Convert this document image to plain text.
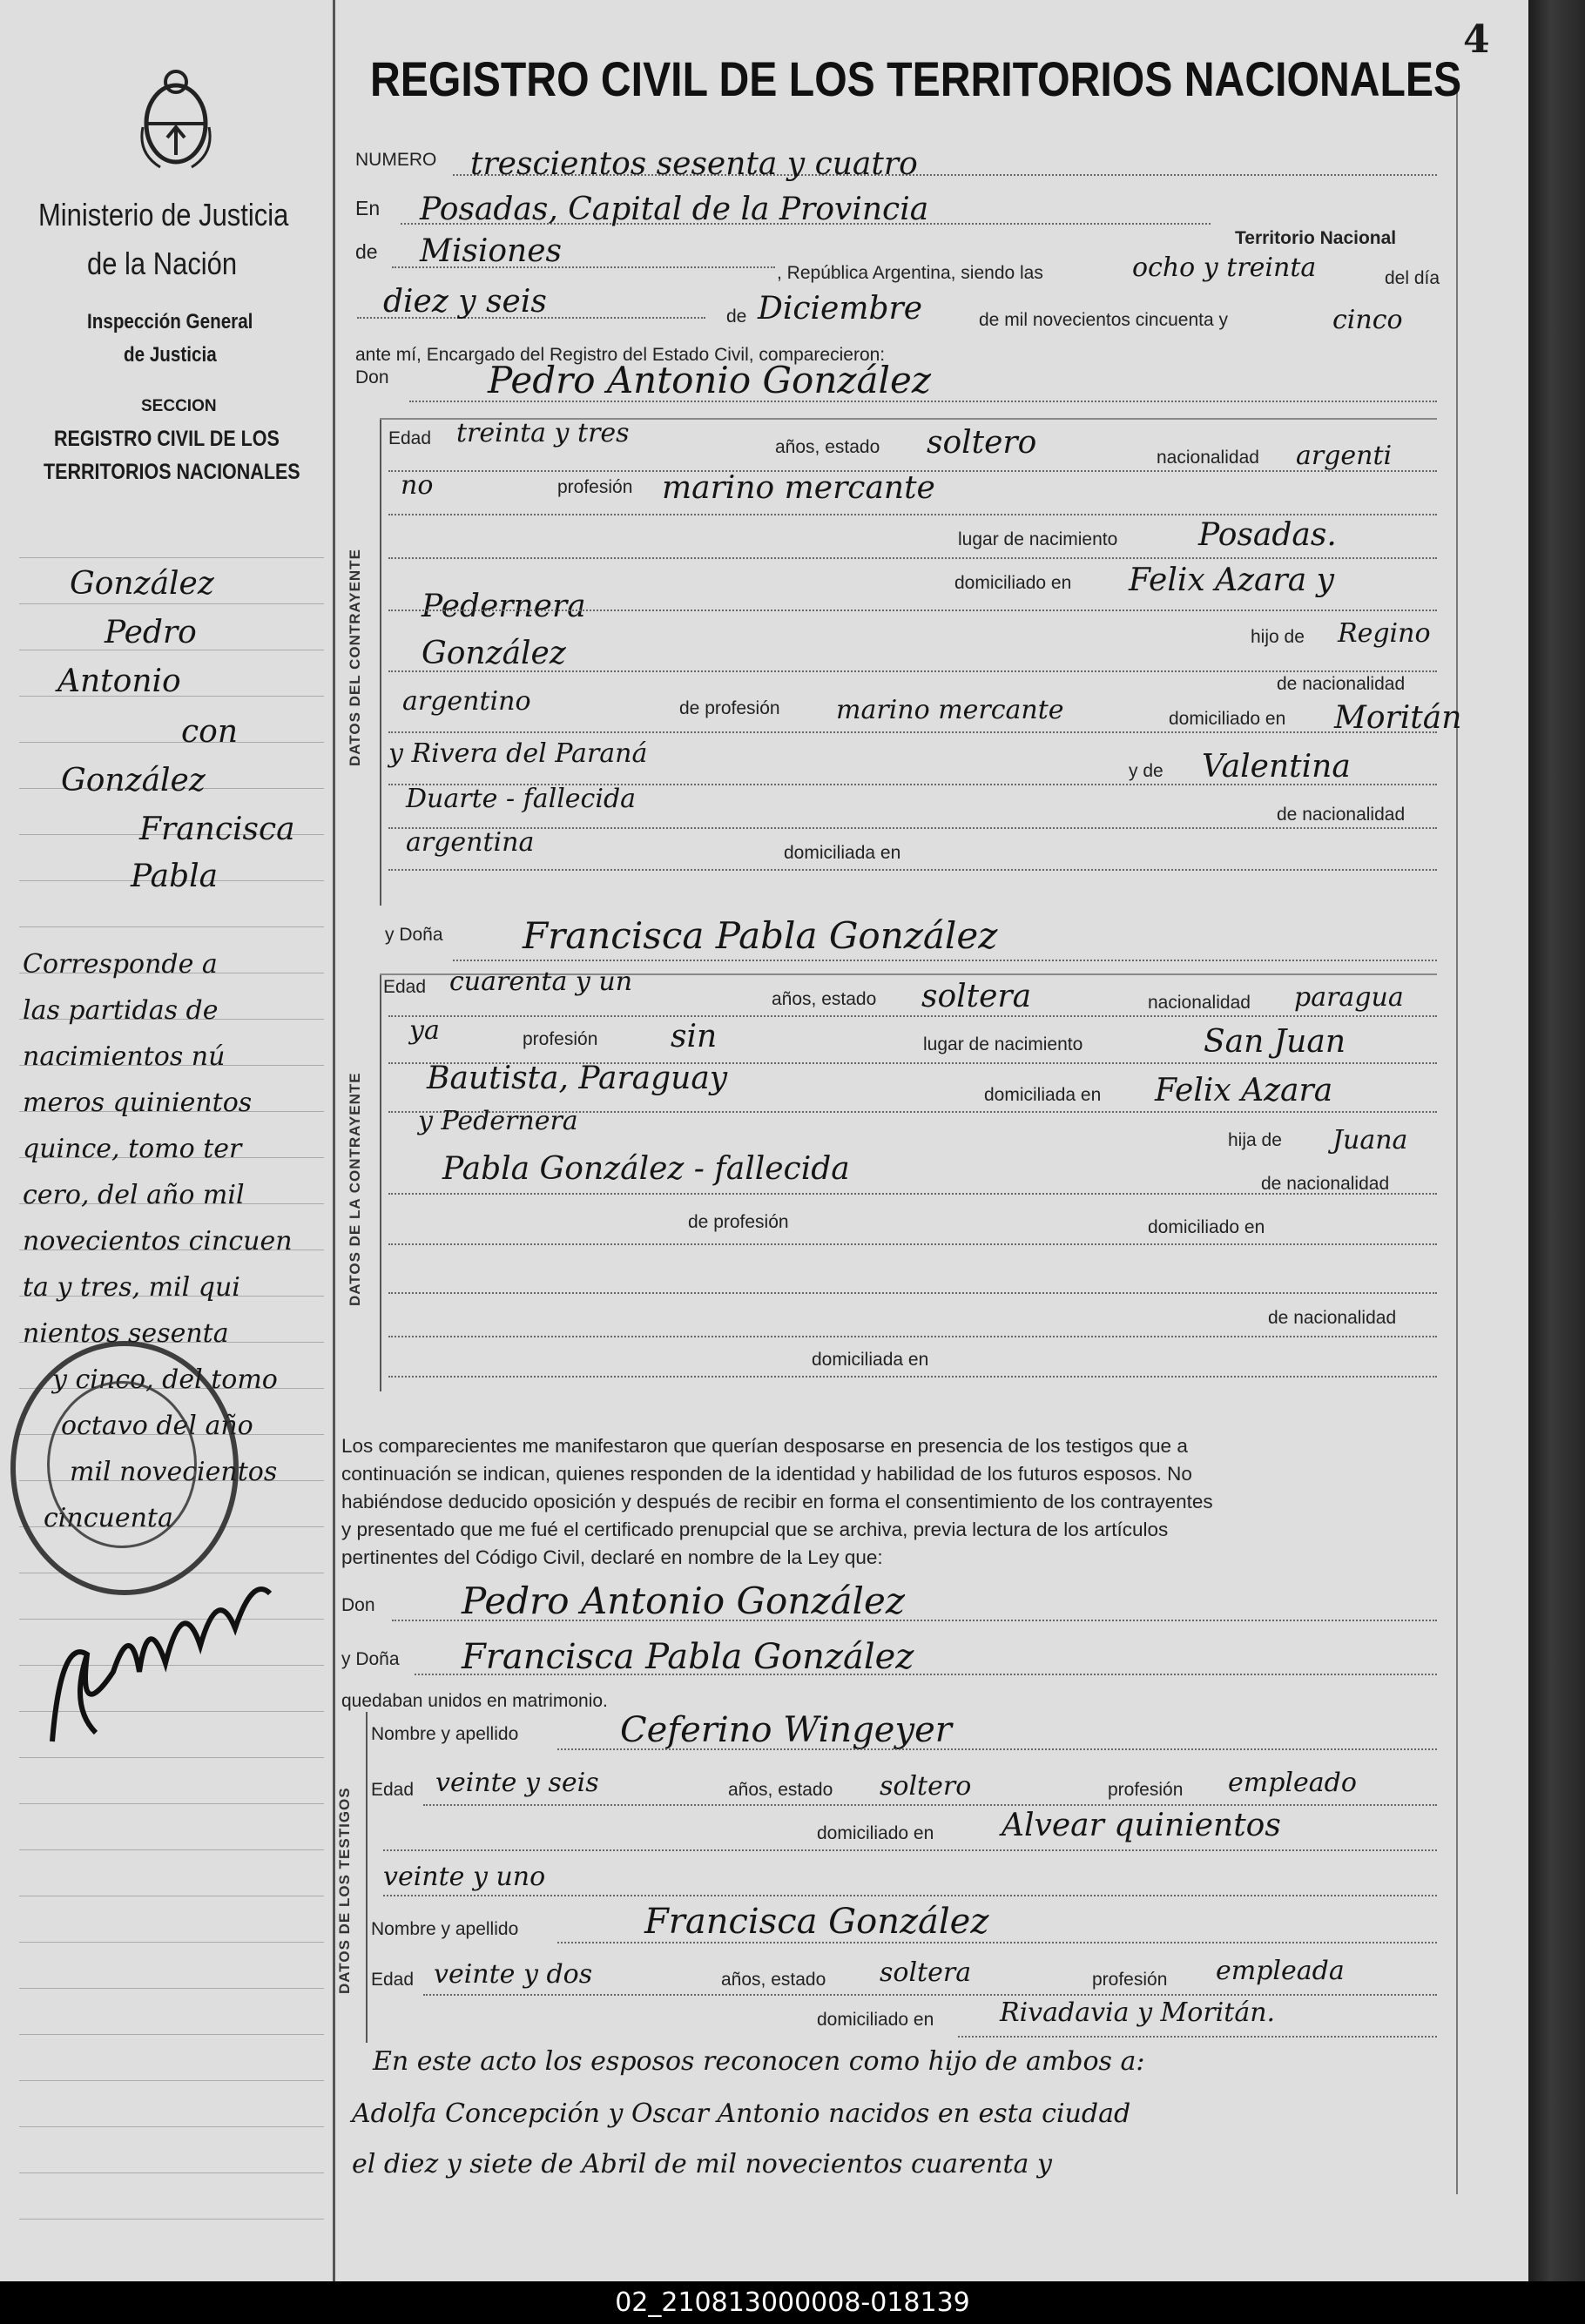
4
REGISTRO CIVIL DE LOS TERRITORIOS NACIONALES
Ministerio de Justicia
de la Nación
Inspección General
de Justicia
SECCION
REGISTRO CIVIL DE LOS
TERRITORIOS NACIONALES
González
Pedro
Antonio
con
González
Francisca
Pabla
Corresponde a
las partidas de
nacimientos nú
meros quinientos
quince, tomo ter
cero, del año mil
novecientos cincuen
ta y tres, mil qui
nientos sesenta
y cinco, del tomo
octavo del año
mil novecientos
cincuenta
NUMERO trescientos sesenta y cuatro
En Posadas, Capital de la Provincia
Territorio Nacional
de Misiones
, República Argentina, siendo las	ocho y treinta	del día
diez y seis	de Diciembre	de mil novecientos cincuenta y	cinco
ante mí, Encargado del Registro del Estado Civil, comparecieron:
Don	Pedro Antonio González
DATOS DEL CONTRAYENTE
Edad treinta y tres	años, estado soltero	nacionalidad argenti
no	profesión marino mercante
lugar de nacimiento	Posadas.
domiciliado en Felix Azara y
Pedernera
hijo de Regino
González
de nacionalidad
argentino	de profesión marino mercante	domiciliado en Moritán
y Rivera del Paraná
y de Valentina
Duarte - fallecida
de nacionalidad
argentina	domiciliada en
y Doña Francisca Pabla González
DATOS DE LA CONTRAYENTE
Edad cuarenta y un
años, estado soltera	nacionalidad paragua
ya	profesión sin	lugar de nacimiento	San Juan
Bautista, Paraguay	domiciliada en Felix Azara
y Pedernera
hija de Juana
Pabla González - fallecida	de nacionalidad
de profesión	domiciliado en
de nacionalidad
domiciliada en
Los comparecientes me manifestaron que querían desposarse en presencia de los testigos que a
continuación se indican, quienes responden de la identidad y habilidad de los futuros esposos. No
habiéndose deducido oposición y después de recibir en forma el consentimiento de los contrayentes
y presentado que me fué el certificado prenupcial que se archiva, previa lectura de los artículos
pertinentes del Código Civil, declaré en nombre de la Ley que:
Don Pedro Antonio González
y Doña Francisca Pabla González
quedaban unidos en matrimonio.
DATOS DE LOS TESTIGOS
Nombre y apellido	Ceferino Wingeyer
Edad veinte y seis	años, estado soltero	profesión empleado
domiciliado en Alvear quinientos
veinte y uno
Nombre y apellido	Francisca González
Edad veinte y dos	años, estado soltera	profesión empleada
domiciliado en	Rivadavia y Moritán.
En este acto los esposos reconocen como hijo de ambos a:
Adolfa Concepción y Oscar Antonio nacidos en esta ciudad
el diez y siete de Abril de mil novecientos cuarenta y
02_210813000008-018139
